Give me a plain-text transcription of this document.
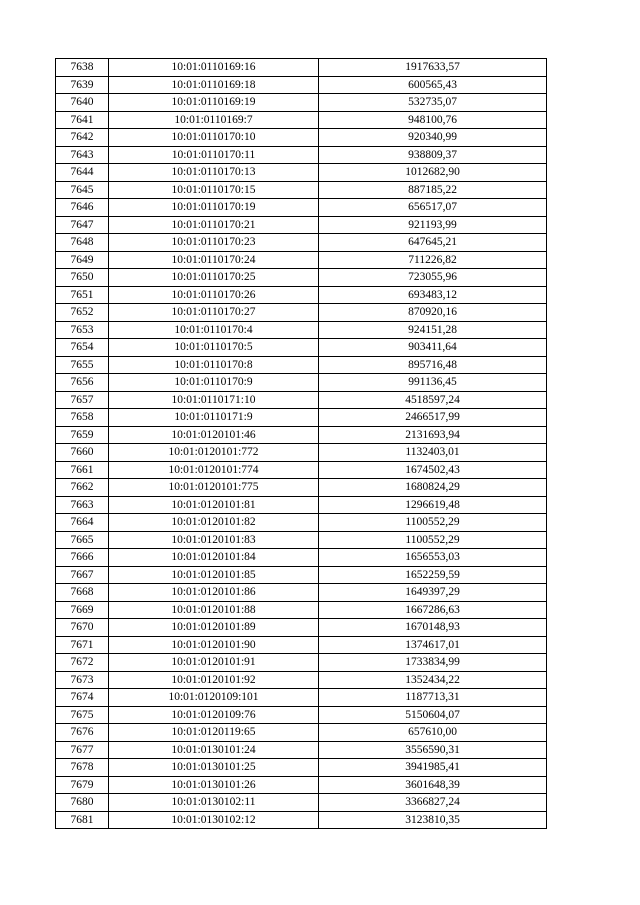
7638	10:01:0110169:16	1917633,57
7639	10:01:0110169:18	600565,43
7640	10:01:0110169:19	532735,07
7641	10:01:0110169:7	948100,76
7642	10:01:0110170:10	920340,99
7643	10:01:0110170:11	938809,37
7644	10:01:0110170:13	1012682,90
7645	10:01:0110170:15	887185,22
7646	10:01:0110170:19	656517,07
7647	10:01:0110170:21	921193,99
7648	10:01:0110170:23	647645,21
7649	10:01:0110170:24	711226,82
7650	10:01:0110170:25	723055,96
7651	10:01:0110170:26	693483,12
7652	10:01:0110170:27	870920,16
7653	10:01:0110170:4	924151,28
7654	10:01:0110170:5	903411,64
7655	10:01:0110170:8	895716,48
7656	10:01:0110170:9	991136,45
7657	10:01:0110171:10	4518597,24
7658	10:01:0110171:9	2466517,99
7659	10:01:0120101:46	2131693,94
7660	10:01:0120101:772	1132403,01
7661	10:01:0120101:774	1674502,43
7662	10:01:0120101:775	1680824,29
7663	10:01:0120101:81	1296619,48
7664	10:01:0120101:82	1100552,29
7665	10:01:0120101:83	1100552,29
7666	10:01:0120101:84	1656553,03
7667	10:01:0120101:85	1652259,59
7668	10:01:0120101:86	1649397,29
7669	10:01:0120101:88	1667286,63
7670	10:01:0120101:89	1670148,93
7671	10:01:0120101:90	1374617,01
7672	10:01:0120101:91	1733834,99
7673	10:01:0120101:92	1352434,22
7674	10:01:0120109:101	1187713,31
7675	10:01:0120109:76	5150604,07
7676	10:01:0120119:65	657610,00
7677	10:01:0130101:24	3556590,31
7678	10:01:0130101:25	3941985,41
7679	10:01:0130101:26	3601648,39
7680	10:01:0130102:11	3366827,24
7681	10:01:0130102:12	3123810,35
